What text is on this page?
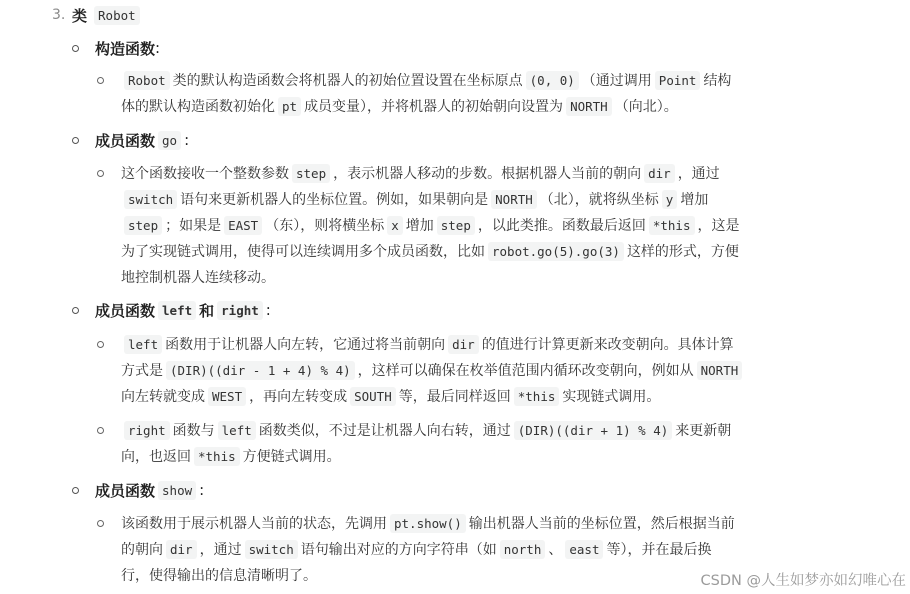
3. 类 Robot
构造函数 :
Robot 类的默认构造函数会将机器人的初始位置设置在坐标原点 (0, 0) （通过调用 Point 结构
体的默认构造函数初始化 pt 成员变量），并将机器人的初始朝向设置为 NORTH （向北）。
成员函数 go :
这个函数接收一个整数参数 step ，表示机器人移动的步数。根据机器人当前的朝向 dir ，通过
switch 语句来更新机器人的坐标位置。例如，如果朝向是 NORTH （北），就将纵坐标 y 增加
step ；如果是 EAST （东），则将横坐标 x 增加 step ，以此类推。函数最后返回 *this ，这是
为了实现链式调用，使得可以连续调用多个成员函数，比如 robot.go(5).go(3) 这样的形式，方便
地控制机器人连续移动。
成员函数 left 和 right :
left 函数用于让机器人向左转，它通过将当前朝向 dir 的值进行计算更新来改变朝向。具体计算
方式是 (DIR)((dir - 1 + 4) % 4) ，这样可以确保在枚举值范围内循环改变朝向，例如从 NORTH
向左转就变成 WEST ，再向左转变成 SOUTH 等，最后同样返回 *this 实现链式调用。
right 函数与 left 函数类似，不过是让机器人向右转，通过 (DIR)((dir + 1) % 4) 来更新朝
向，也返回 *this 方便链式调用。
成员函数 show :
该函数用于展示机器人当前的状态，先调用 pt.show() 输出机器人当前的坐标位置，然后根据当前
的朝向 dir ，通过 switch 语句输出对应的方向字符串（如 north 、 east 等），并在最后换
行，使得输出的信息清晰明了。	CSDN @人生如梦亦如幻唯心在
